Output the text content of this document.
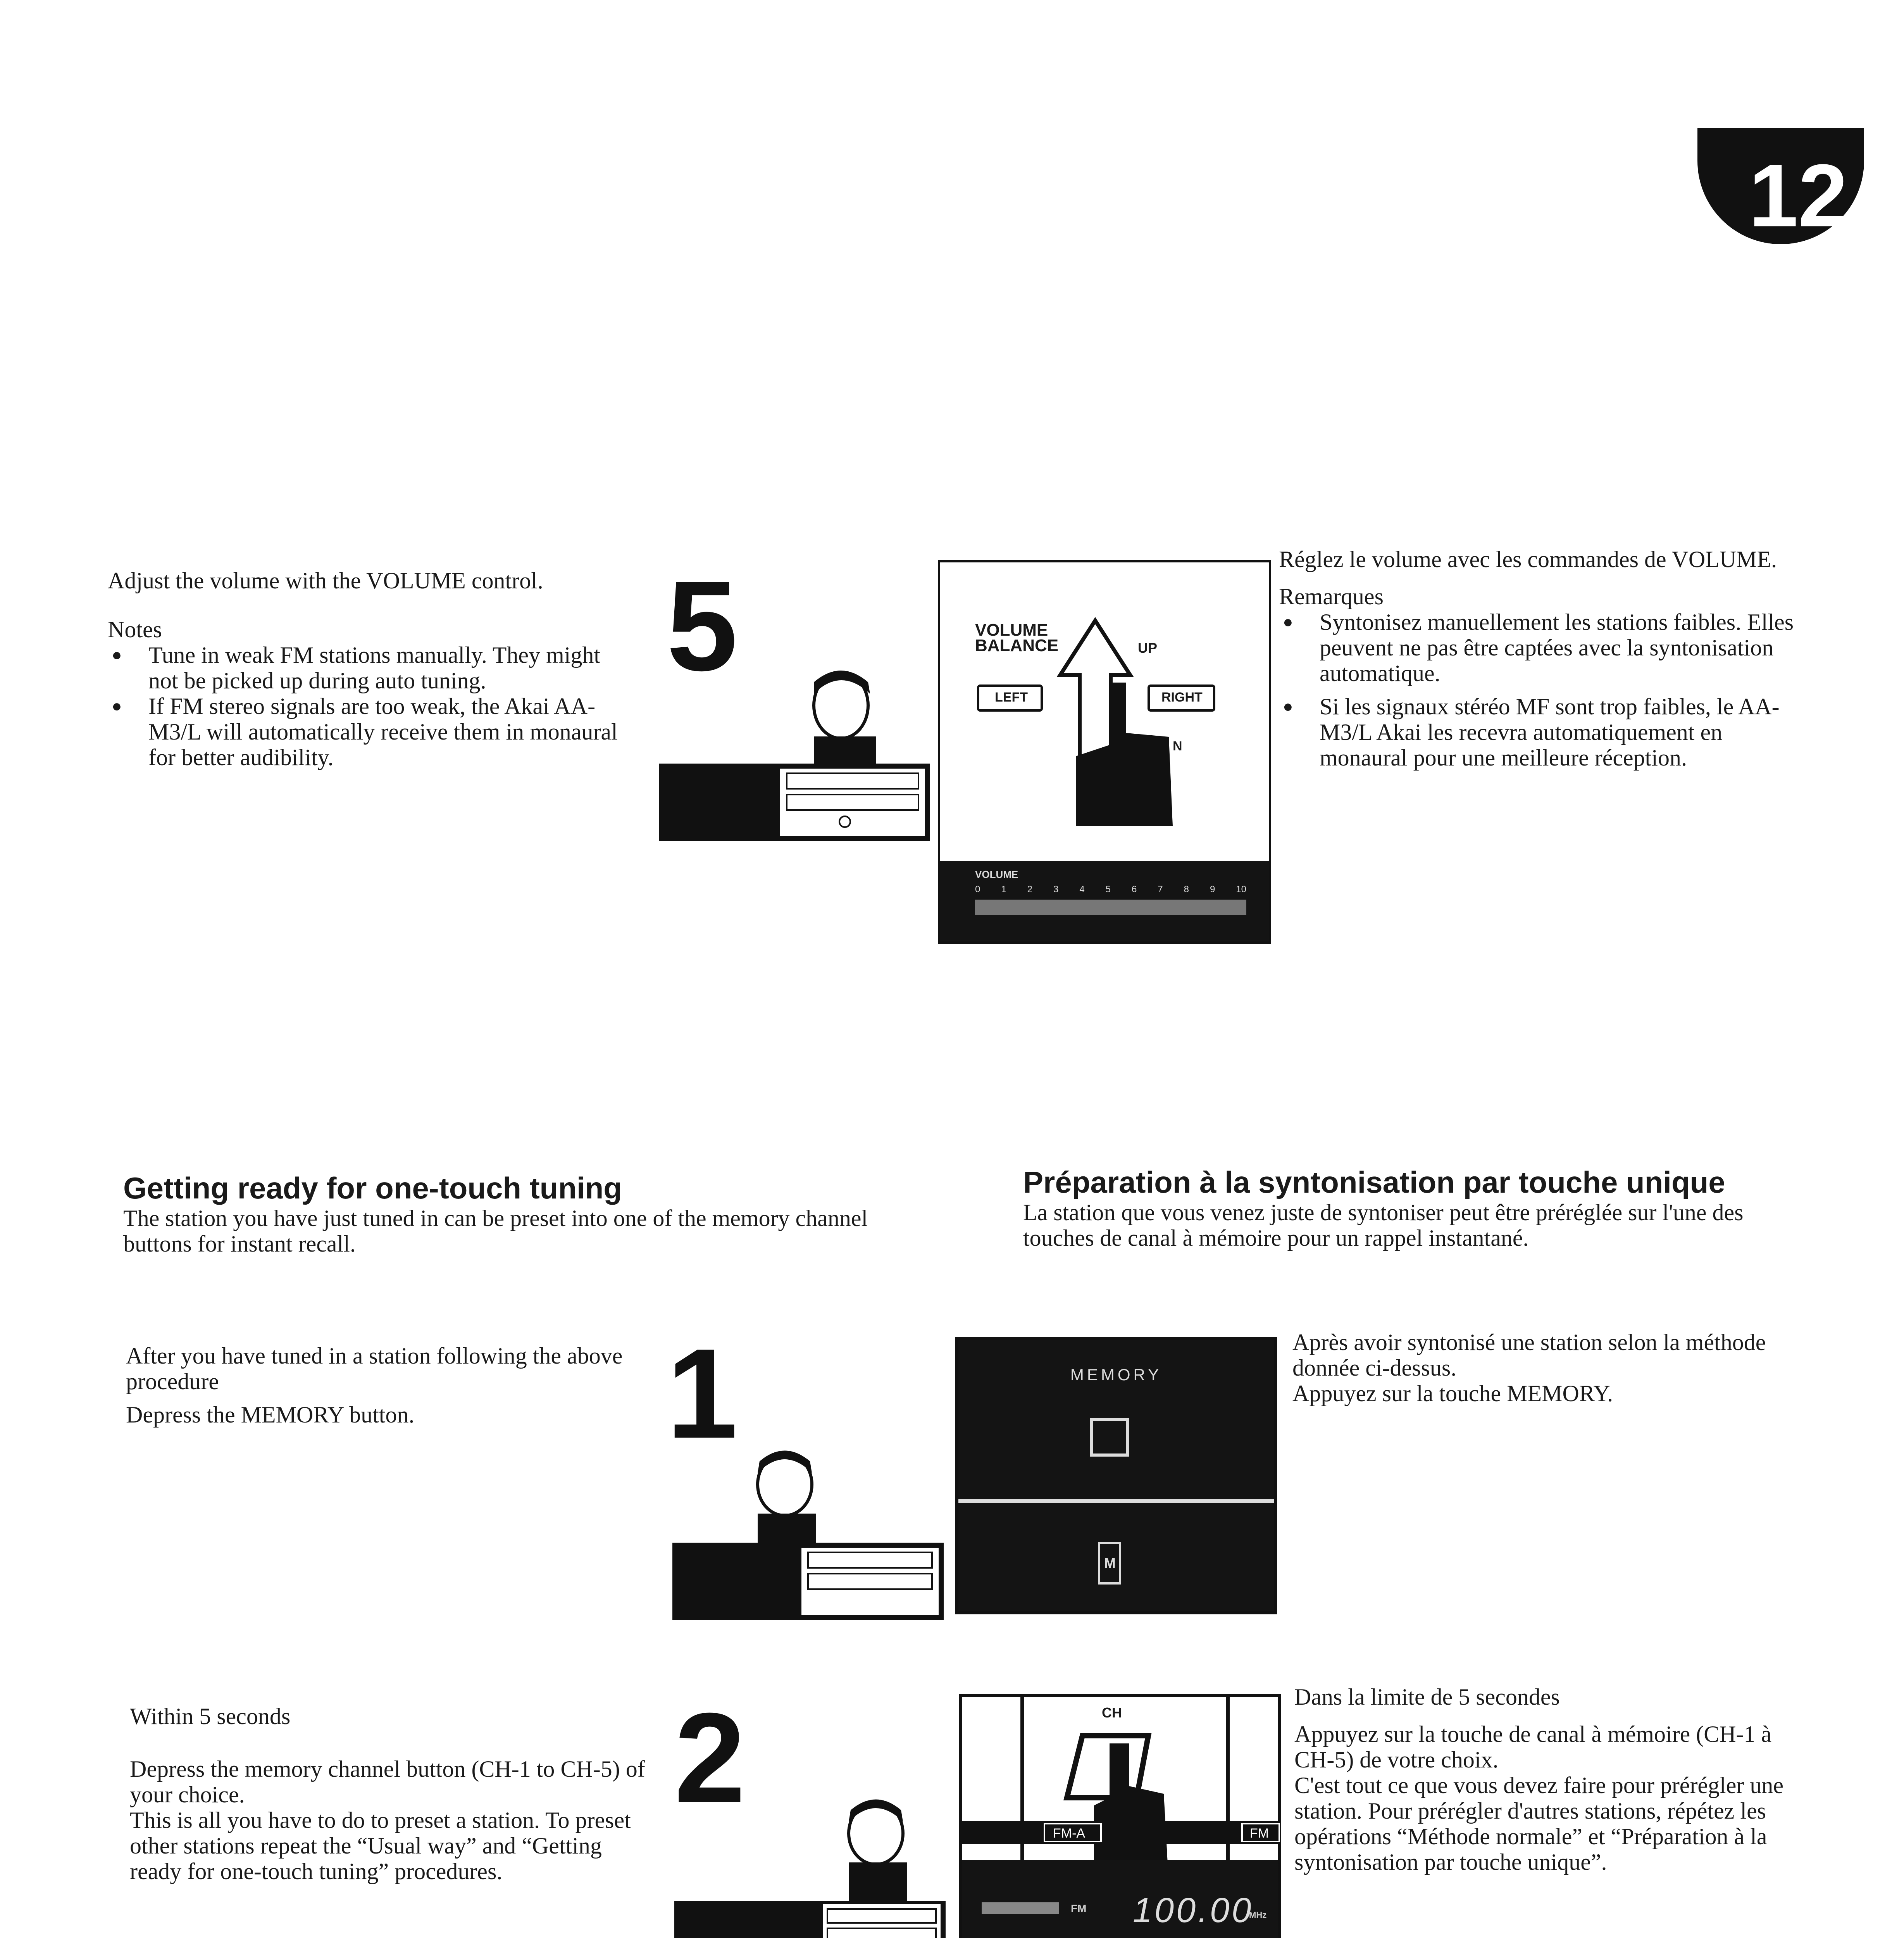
12

Adjust the volume with the VOLUME control.

Notes

● Tune in weak FM stations manually. They might not be picked up during auto tuning.
● If FM stereo signals are too weak, the Akai AA-M3/L will automatically receive them in monaural for better audibility.
5	VOLUME
BALANCE	UP
LEFT	RIGHT
N
VOLUME
0 1 2 3 4 5 6 7 8 9 10

Réglez le volume avec les commandes de VOLUME.

Remarques

● Syntonisez manuellement les stations faibles. Elles peuvent ne pas être captées avec la syntonisation automatique.
● Si les signaux stéréo MF sont trop faibles, le AA-M3/L Akai les recevra automatiquement en monaural pour une meilleure réception.
Getting ready for one-touch tuning

The station you have just tuned in can be preset into one of the memory channel buttons for instant recall.

Préparation à la syntonisation par touche unique

La station que vous venez juste de syntoniser peut être préréglée sur l'une des touches de canal à mémoire pour un rappel instantané.

After you have tuned in a station following the above procedure

Depress the MEMORY button.	1	MEMORY
M

Après avoir syntonisé une station selon la méthode donnée ci-dessus.

Appuyez sur la touche MEMORY.

Within 5 seconds

Depress the memory channel button (CH-1 to CH-5) of your choice.

This is all you have to do to preset a station. To preset other stations repeat the “Usual way” and “Getting ready for one-touch tuning” procedures.

2	CH
FM-A	FM
FM 100.00
MHz

Dans la limite de 5 secondes

Appuyez sur la touche de canal à mémoire (CH-1 à CH-5) de votre choix.

C'est tout ce que vous devez faire pour prérégler une station. Pour prérégler d'autres stations, répétez les opérations “Méthode normale” et “Préparation à la syntonisation par touche unique”.
